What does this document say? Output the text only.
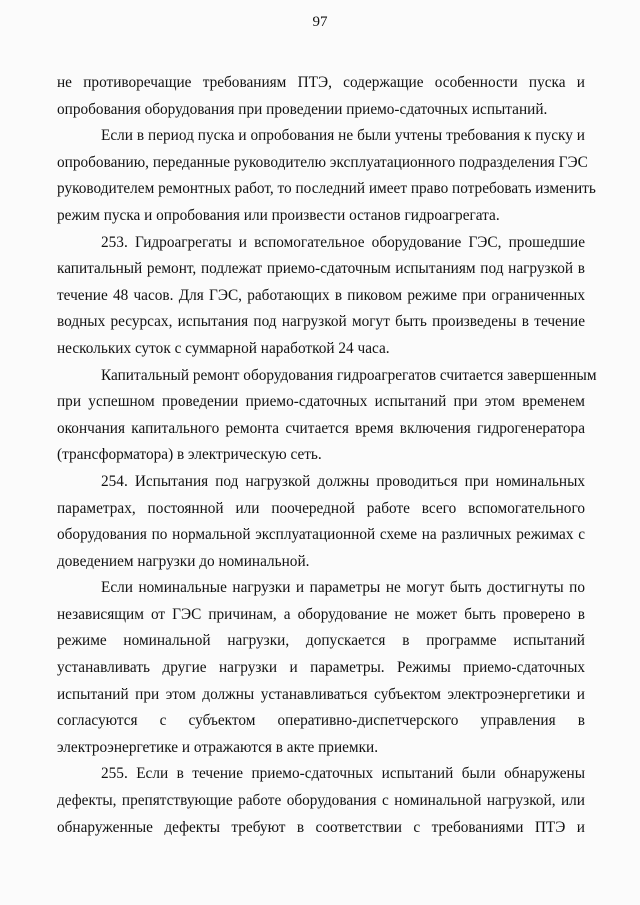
97

не противоречащие требованиям ПТЭ, содержащие особенности пуска и
опробования оборудования при проведении приемо-сдаточных испытаний.

Если в период пуска и опробования не были учтены требования к пуску и
опробованию, переданные руководителю эксплуатационного подразделения ГЭС
руководителем ремонтных работ, то последний имеет право потребовать изменить
режим пуска и опробования или произвести останов гидроагрегата.

253. Гидроагрегаты и вспомогательное оборудование ГЭС, прошедшие
капитальный ремонт, подлежат приемо-сдаточным испытаниям под нагрузкой в
течение 48 часов. Для ГЭС, работающих в пиковом режиме при ограниченных
водных ресурсах, испытания под нагрузкой могут быть произведены в течение
нескольких суток с суммарной наработкой 24 часа.

Капитальный ремонт оборудования гидроагрегатов считается завершенным
при успешном проведении приемо-сдаточных испытаний при этом временем
окончания капитального ремонта считается время включения гидрогенератора
(трансформатора) в электрическую сеть.

254. Испытания под нагрузкой должны проводиться при номинальных
параметрах, постоянной или поочередной работе всего вспомогательного
оборудования по нормальной эксплуатационной схеме на различных режимах с
доведением нагрузки до номинальной.

Если номинальные нагрузки и параметры не могут быть достигнуты по
независящим от ГЭС причинам, а оборудование не может быть проверено в
режиме номинальной нагрузки, допускается в программе испытаний
устанавливать другие нагрузки и параметры. Режимы приемо-сдаточных
испытаний при этом должны устанавливаться субъектом электроэнергетики и
согласуются с субъектом оперативно-диспетчерского управления в
электроэнергетике и отражаются в акте приемки.

255. Если в течение приемо-сдаточных испытаний были обнаружены
дефекты, препятствующие работе оборудования с номинальной нагрузкой, или
обнаруженные дефекты требуют в соответствии с требованиями ПТЭ и
